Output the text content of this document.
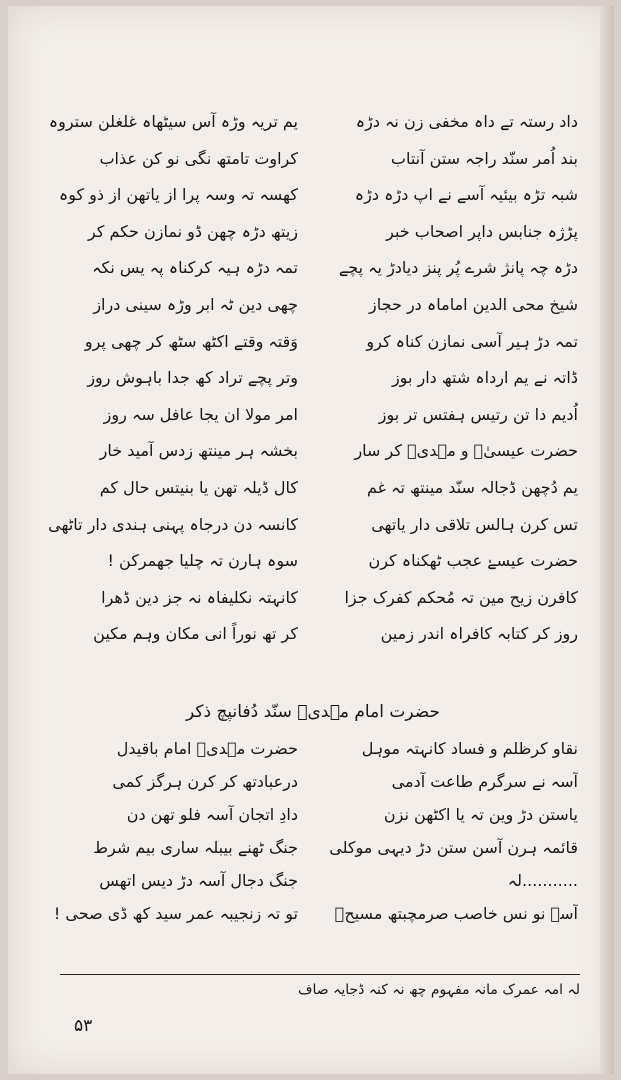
داد رستہ تے داہ مخفی زن نہ دڑہ
بند اُمر سنّد راجہ ستن آنتاب
شبہ تڑہ بیئیہ آسے نے اپ دڑہ دڑہ
پڑژہ جنابس داپر اصحاب خبر
دڑہ چہ پانژ شرے پُر پنز دیادڑ یہ پچے
شیخ محی الدین اماماہ در حجاز
تمہ دڑ ہیر آسی نمازن کناہ کرو
ڈاتہ نے یم ارداہ شتھ دار بوز
اُدیم دا تن رتیس ہفتس تر بوز
حضرت عیسیٰؑ و مہدیؑ کر سار
یم دُچھن ڈجالہ سنّد مینتھ تہ غم
تس کرن ہالس تلاقی دار یاتھی
حضرت عیسےٰ عجب ٹھکناہ کرن
کافرن زیح مین تہ مُحکم کفرک جزا
روز کر کتابہ کافراہ اندر زمین
یم تریہ وڑہ آس سیٹھاہ غلغلن ستروہ
کراوت تامتھ نگی نو کن عذاب
کھسہ تہ وسہ پرا از یاتھن از ذو کوہ
زیتھ دڑہ چھن ڈو نمازن حکم کر
تمہ دڑہ ہیہ کرکناہ پہ یس نکہ
چھی دین ٹہ ابر وڑہ سینی دراز
وَقتہ وقتے اکٹھ سٹھ کر چھی پرو
وتر پچے تراد کھ جدا باہوش روز
امر مولا ان یجا عافل سہ روز
بخشہ ہر مینتھ زدس آمید خار
کال ڈیلہ تھن یا بنیتس حال کم
کانسہ دن درجاہ پہنی ہندی دار تاٹھی
سوہ ہارن تہ چلیا جھمرکن !
کانہتہ نکلیفاہ نہ جز دین ڈھرا
کر تھ نوراً انی مکان وہم مکین
حضرت امام مہدیؑ سنّد دُفانپچ ذکر
نقاو کرظلم و فساد کانہتہ موہل
آسہ نے سرگرم طاعت آدمی
یاستن دڑ وین تہ یا اکٹھن نزن
قائمہ ہرن آسن ستن دڑ دیہی موکلی
...........لہ
آسہ نو نس خاصب صرمچبتھ مسیحؑ
حضرت مہدیؑ امام باقیدل
درعبادتھ کر کرن ہرگز کمی
دادِ اتجان آسہ فلو تھن دن
جنگ ٹھنے بیبلہ ساری بیم شرط
جنگ دجال آسہ دڑ دیس اتھس
تو تہ زنجیبہ عمر سید کھ ڈی صحی !
لہ امہ عمرک مانہ مفہوم چھ نہ کنہ ڈجایہ صاف
۵۳
